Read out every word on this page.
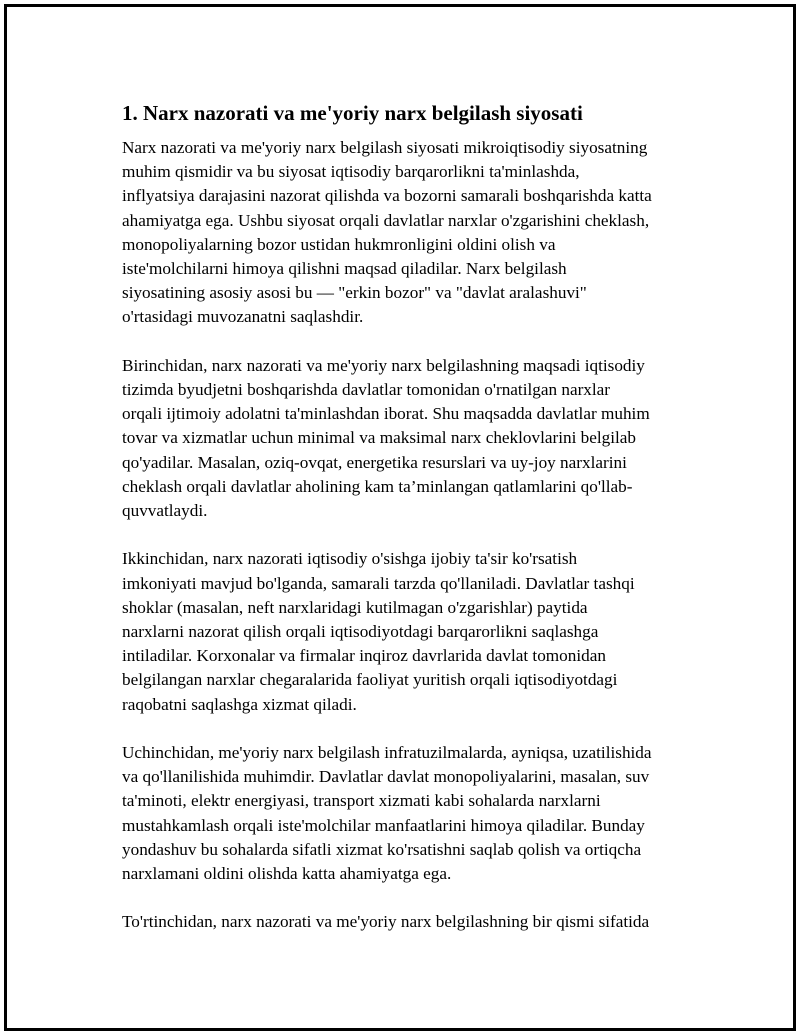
1. Narx nazorati va me'yoriy narx belgilash siyosati

Narx nazorati va me'yoriy narx belgilash siyosati mikroiqtisodiy siyosatning
muhim qismidir va bu siyosat iqtisodiy barqarorlikni ta'minlashda,
inflyatsiya darajasini nazorat qilishda va bozorni samarali boshqarishda katta
ahamiyatga ega. Ushbu siyosat orqali davlatlar narxlar o'zgarishini cheklash,
monopoliyalarning bozor ustidan hukmronligini oldini olish va
iste'molchilarni himoya qilishni maqsad qiladilar. Narx belgilash
siyosatining asosiy asosi bu — "erkin bozor" va "davlat aralashuvi"
o'rtasidagi muvozanatni saqlashdir.

Birinchidan, narx nazorati va me'yoriy narx belgilashning maqsadi iqtisodiy
tizimda byudjetni boshqarishda davlatlar tomonidan o'rnatilgan narxlar
orqali ijtimoiy adolatni ta'minlashdan iborat. Shu maqsadda davlatlar muhim
tovar va xizmatlar uchun minimal va maksimal narx cheklovlarini belgilab
qo'yadilar. Masalan, oziq-ovqat, energetika resurslari va uy-joy narxlarini
cheklash orqali davlatlar aholining kam ta’minlangan qatlamlarini qo'llab-
quvvatlaydi.

Ikkinchidan, narx nazorati iqtisodiy o'sishga ijobiy ta'sir ko'rsatish
imkoniyati mavjud bo'lganda, samarali tarzda qo'llaniladi. Davlatlar tashqi
shoklar (masalan, neft narxlaridagi kutilmagan o'zgarishlar) paytida
narxlarni nazorat qilish orqali iqtisodiyotdagi barqarorlikni saqlashga
intiladilar. Korxonalar va firmalar inqiroz davrlarida davlat tomonidan
belgilangan narxlar chegaralarida faoliyat yuritish orqali iqtisodiyotdagi
raqobatni saqlashga xizmat qiladi.

Uchinchidan, me'yoriy narx belgilash infratuzilmalarda, ayniqsa, uzatilishida
va qo'llanilishida muhimdir. Davlatlar davlat monopoliyalarini, masalan, suv
ta'minoti, elektr energiyasi, transport xizmati kabi sohalarda narxlarni
mustahkamlash orqali iste'molchilar manfaatlarini himoya qiladilar. Bunday
yondashuv bu sohalarda sifatli xizmat ko'rsatishni saqlab qolish va ortiqcha
narxlamani oldini olishda katta ahamiyatga ega.

To'rtinchidan, narx nazorati va me'yoriy narx belgilashning bir qismi sifatida
